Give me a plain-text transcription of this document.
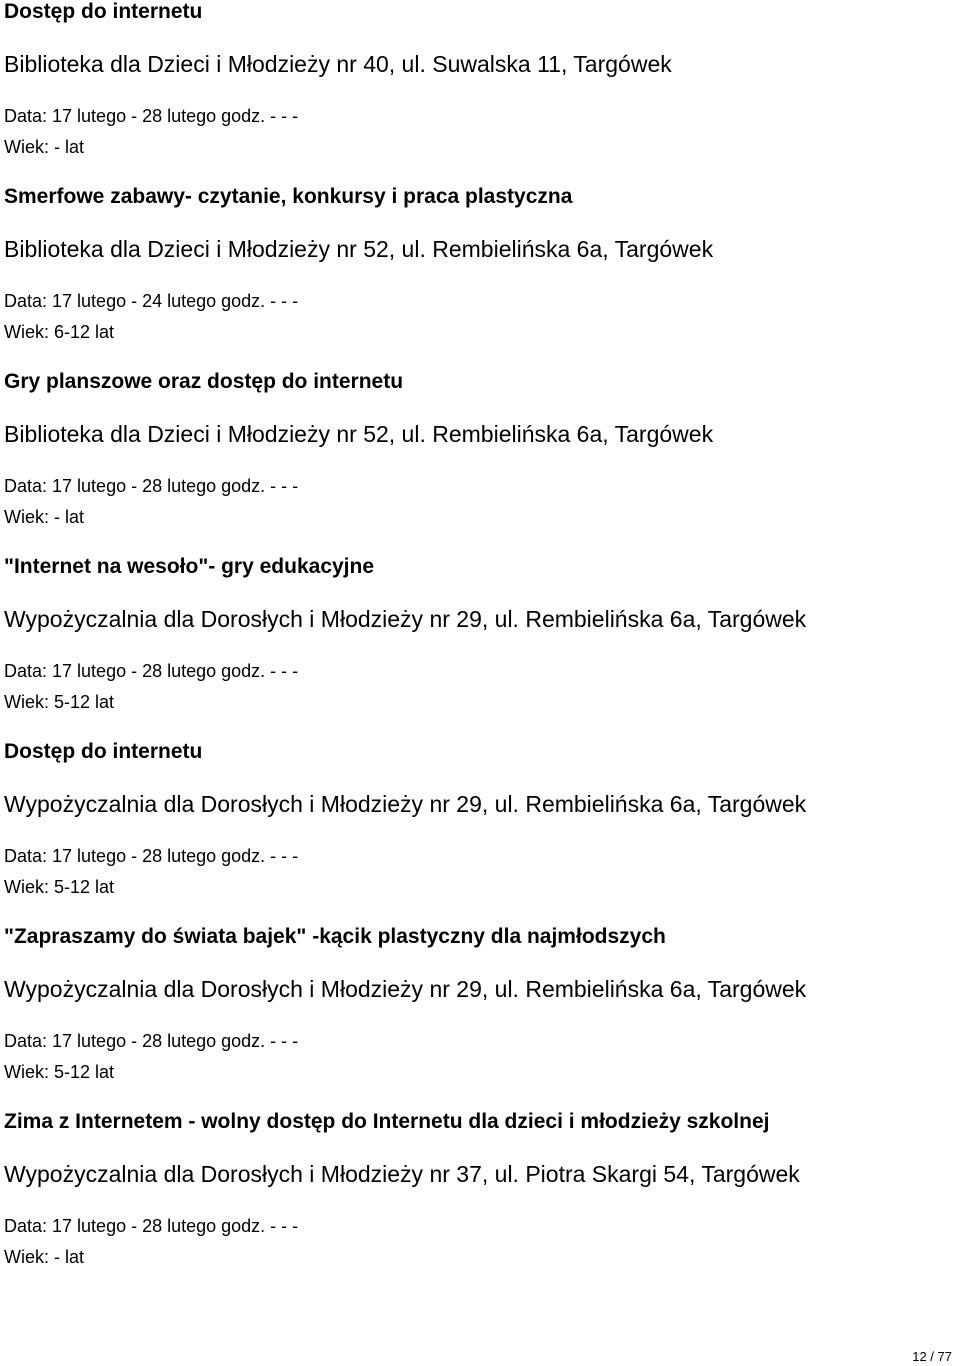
Dostęp do internetu
Biblioteka dla Dzieci i Młodzieży nr 40, ul. Suwalska 11, Targówek
Data: 17 lutego - 28 lutego godz. - - -
Wiek: - lat
Smerfowe zabawy- czytanie, konkursy i praca plastyczna
Biblioteka dla Dzieci i Młodzieży nr 52, ul. Rembielińska 6a, Targówek
Data: 17 lutego - 24 lutego godz. - - -
Wiek: 6-12 lat
Gry planszowe oraz dostęp do internetu
Biblioteka dla Dzieci i Młodzieży nr 52, ul. Rembielińska 6a, Targówek
Data: 17 lutego - 28 lutego godz. - - -
Wiek: - lat
"Internet na wesoło"- gry edukacyjne
Wypożyczalnia dla Dorosłych i Młodzieży nr 29, ul. Rembielińska 6a, Targówek
Data: 17 lutego - 28 lutego godz. - - -
Wiek: 5-12 lat
Dostęp do internetu
Wypożyczalnia dla Dorosłych i Młodzieży nr 29, ul. Rembielińska 6a, Targówek
Data: 17 lutego - 28 lutego godz. - - -
Wiek: 5-12 lat
"Zapraszamy do świata bajek" -kącik plastyczny dla najmłodszych
Wypożyczalnia dla Dorosłych i Młodzieży nr 29, ul. Rembielińska 6a, Targówek
Data: 17 lutego - 28 lutego godz. - - -
Wiek: 5-12 lat
Zima z Internetem - wolny dostęp do Internetu dla dzieci i młodzieży szkolnej
Wypożyczalnia dla Dorosłych i Młodzieży nr 37, ul. Piotra Skargi 54, Targówek
Data: 17 lutego - 28 lutego godz. - - -
Wiek: - lat
12 / 77
